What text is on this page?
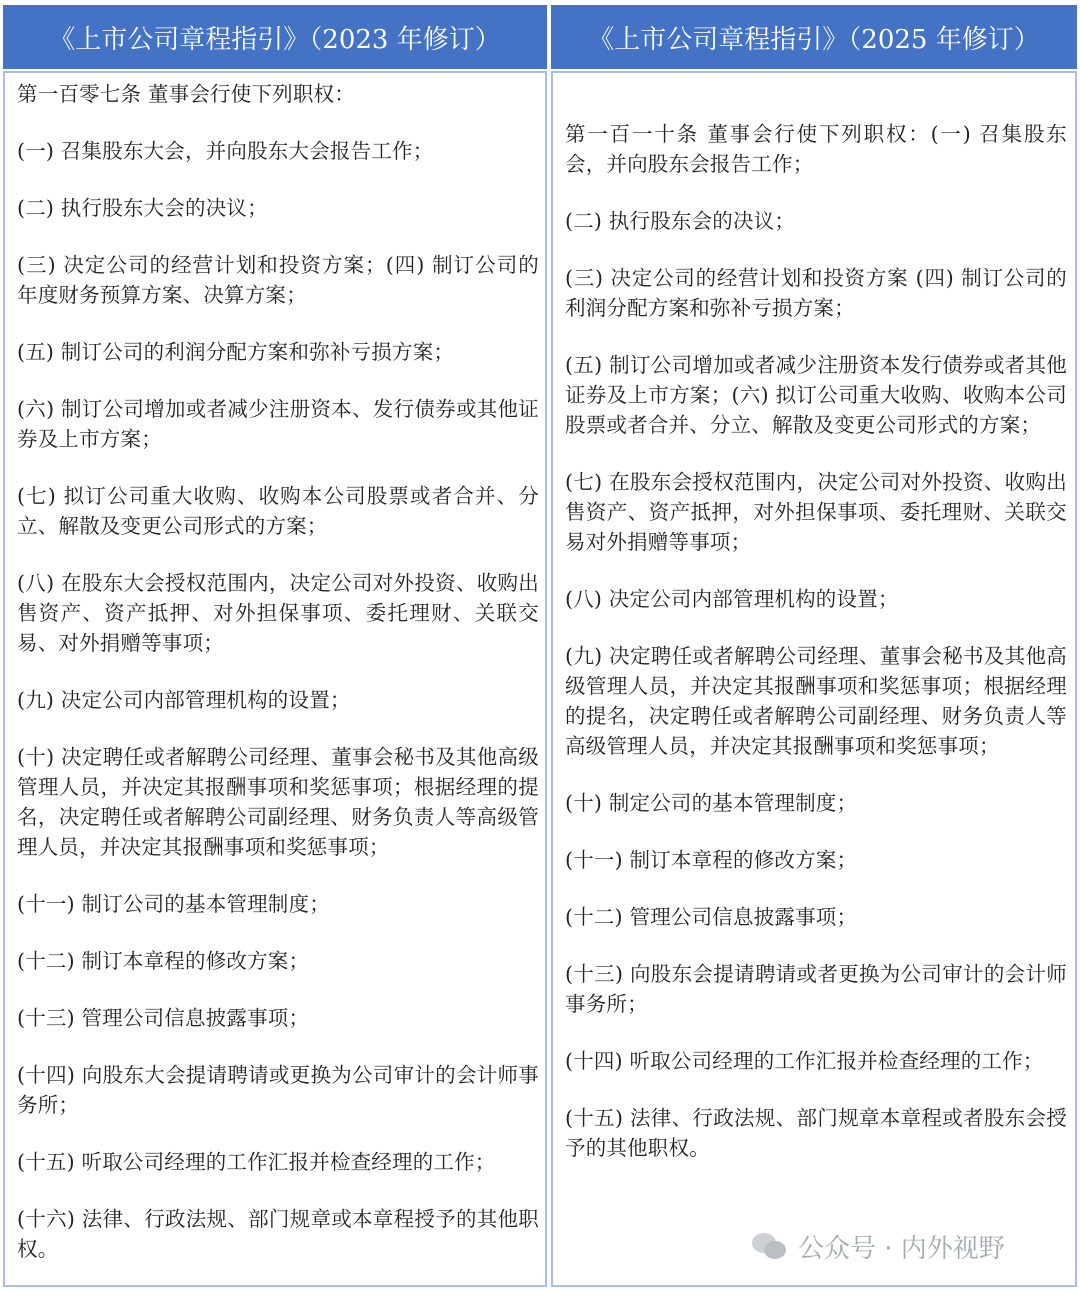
《上市公司章程指引》（2023 年修订）	《上市公司章程指引》（2025 年修订）

第一百零七条 董事会行使下列职权：

(一) 召集股东大会，并向股东大会报告工作；

(二) 执行股东大会的决议；

(三) 决定公司的经营计划和投资方案；(四) 制订公司的年度财务预算方案、决算方案；

(五) 制订公司的利润分配方案和弥补亏损方案；

(六) 制订公司增加或者减少注册资本、发行债券或其他证券及上市方案；

(七) 拟订公司重大收购、收购本公司股票或者合并、分立、解散及变更公司形式的方案；

(八) 在股东大会授权范围内，决定公司对外投资、收购出售资产、资产抵押、对外担保事项、委托理财、关联交易、对外捐赠等事项；

(九) 决定公司内部管理机构的设置；

(十) 决定聘任或者解聘公司经理、董事会秘书及其他高级管理人员，并决定其报酬事项和奖惩事项；根据经理的提名，决定聘任或者解聘公司副经理、财务负责人等高级管理人员，并决定其报酬事项和奖惩事项；

(十一) 制订公司的基本管理制度；

(十二) 制订本章程的修改方案；

(十三) 管理公司信息披露事项；

(十四) 向股东大会提请聘请或更换为公司审计的会计师事务所；

(十五) 听取公司经理的工作汇报并检查经理的工作；

(十六) 法律、行政法规、部门规章或本章程授予的其他职权。

第一百一十条 董事会行使下列职权：(一) 召集股东会，并向股东会报告工作；

(二) 执行股东会的决议；

(三) 决定公司的经营计划和投资方案 (四) 制订公司的利润分配方案和弥补亏损方案；

(五) 制订公司增加或者减少注册资本发行债券或者其他证券及上市方案；(六) 拟订公司重大收购、收购本公司股票或者合并、分立、解散及变更公司形式的方案；

(七) 在股东会授权范围内，决定公司对外投资、收购出售资产、资产抵押，对外担保事项、委托理财、关联交易对外捐赠等事项；

(八) 决定公司内部管理机构的设置；

(九) 决定聘任或者解聘公司经理、董事会秘书及其他高级管理人员，并决定其报酬事项和奖惩事项；根据经理的提名，决定聘任或者解聘公司副经理、财务负责人等高级管理人员，并决定其报酬事项和奖惩事项；

(十) 制定公司的基本管理制度；

(十一) 制订本章程的修改方案；

(十二) 管理公司信息披露事项；

(十三) 向股东会提请聘请或者更换为公司审计的会计师事务所；

(十四) 听取公司经理的工作汇报并检查经理的工作；

(十五) 法律、行政法规、部门规章本章程或者股东会授予的其他职权。

公众号 · 内外视野
